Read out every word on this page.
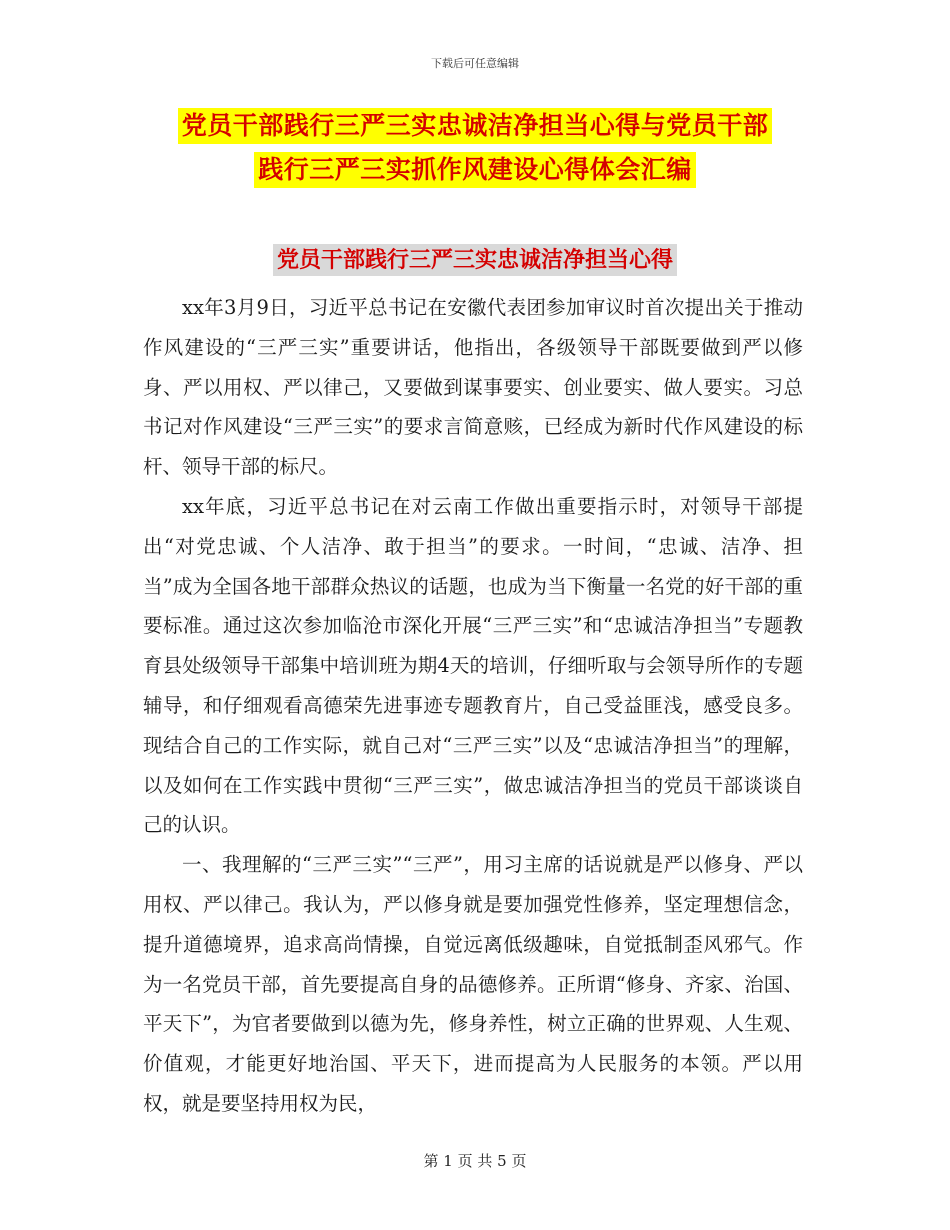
下载后可任意编辑
党员干部践行三严三实忠诚洁净担当心得与党员干部
践行三严三实抓作风建设心得体会汇编
党员干部践行三严三实忠诚洁净担当心得

xx年3月9日，习近平总书记在安徽代表团参加审议时首次提出关于推动作风建设的“三严三实”重要讲话，他指出，各级领导干部既要做到严以修身、严以用权、严以律己，又要做到谋事要实、创业要实、做人要实。习总书记对作风建设“三严三实”的要求言简意赅，已经成为新时代作风建设的标杆、领导干部的标尺。

xx年底，习近平总书记在对云南工作做出重要指示时，对领导干部提出“对党忠诚、个人洁净、敢于担当”的要求。一时间，“忠诚、洁净、担当”成为全国各地干部群众热议的话题，也成为当下衡量一名党的好干部的重要标准。通过这次参加临沧市深化开展“三严三实”和“忠诚洁净担当”专题教育县处级领导干部集中培训班为期4天的培训，仔细听取与会领导所作的专题辅导，和仔细观看高德荣先进事迹专题教育片，自己受益匪浅，感受良多。现结合自己的工作实际，就自己对“三严三实”以及“忠诚洁净担当”的理解，以及如何在工作实践中贯彻“三严三实”，做忠诚洁净担当的党员干部谈谈自己的认识。

一、我理解的“三严三实”“三严”，用习主席的话说就是严以修身、严以用权、严以律己。我认为，严以修身就是要加强党性修养，坚定理想信念，提升道德境界，追求高尚情操，自觉远离低级趣味，自觉抵制歪风邪气。作为一名党员干部，首先要提高自身的品德修养。正所谓“修身、齐家、治国、平天下”，为官者要做到以德为先，修身养性，树立正确的世界观、人生观、价值观，才能更好地治国、平天下，进而提高为人民服务的本领。严以用权，就是要坚持用权为民，

第 1 页 共 5 页
